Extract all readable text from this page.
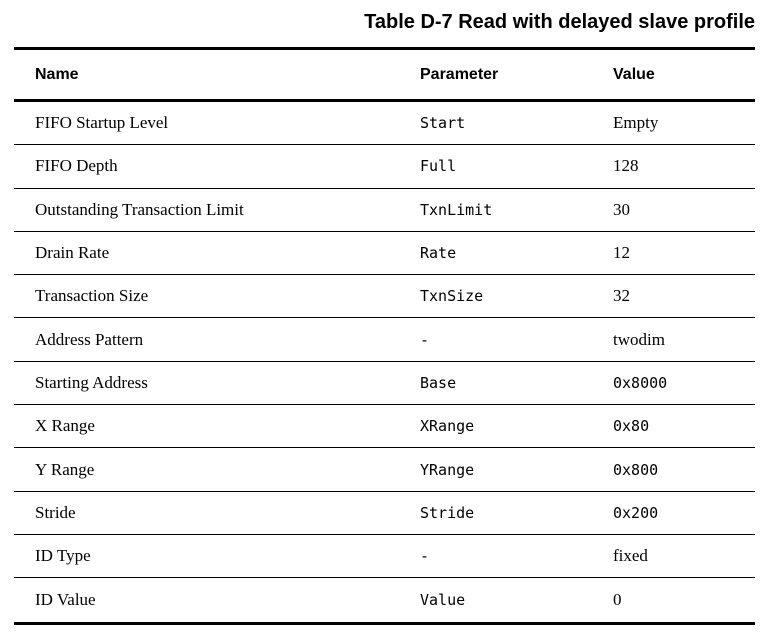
Table D-7 Read with delayed slave profile
Name	Parameter	Value
FIFO Startup Level	Start	Empty
FIFO Depth	Full	128
Outstanding Transaction Limit	TxnLimit	30
Drain Rate	Rate	12
Transaction Size	TxnSize	32
Address Pattern	-	twodim
Starting Address	Base	0x8000
X Range	XRange	0x80
Y Range	YRange	0x800
Stride	Stride	0x200
ID Type	-	fixed
ID Value	Value	0
